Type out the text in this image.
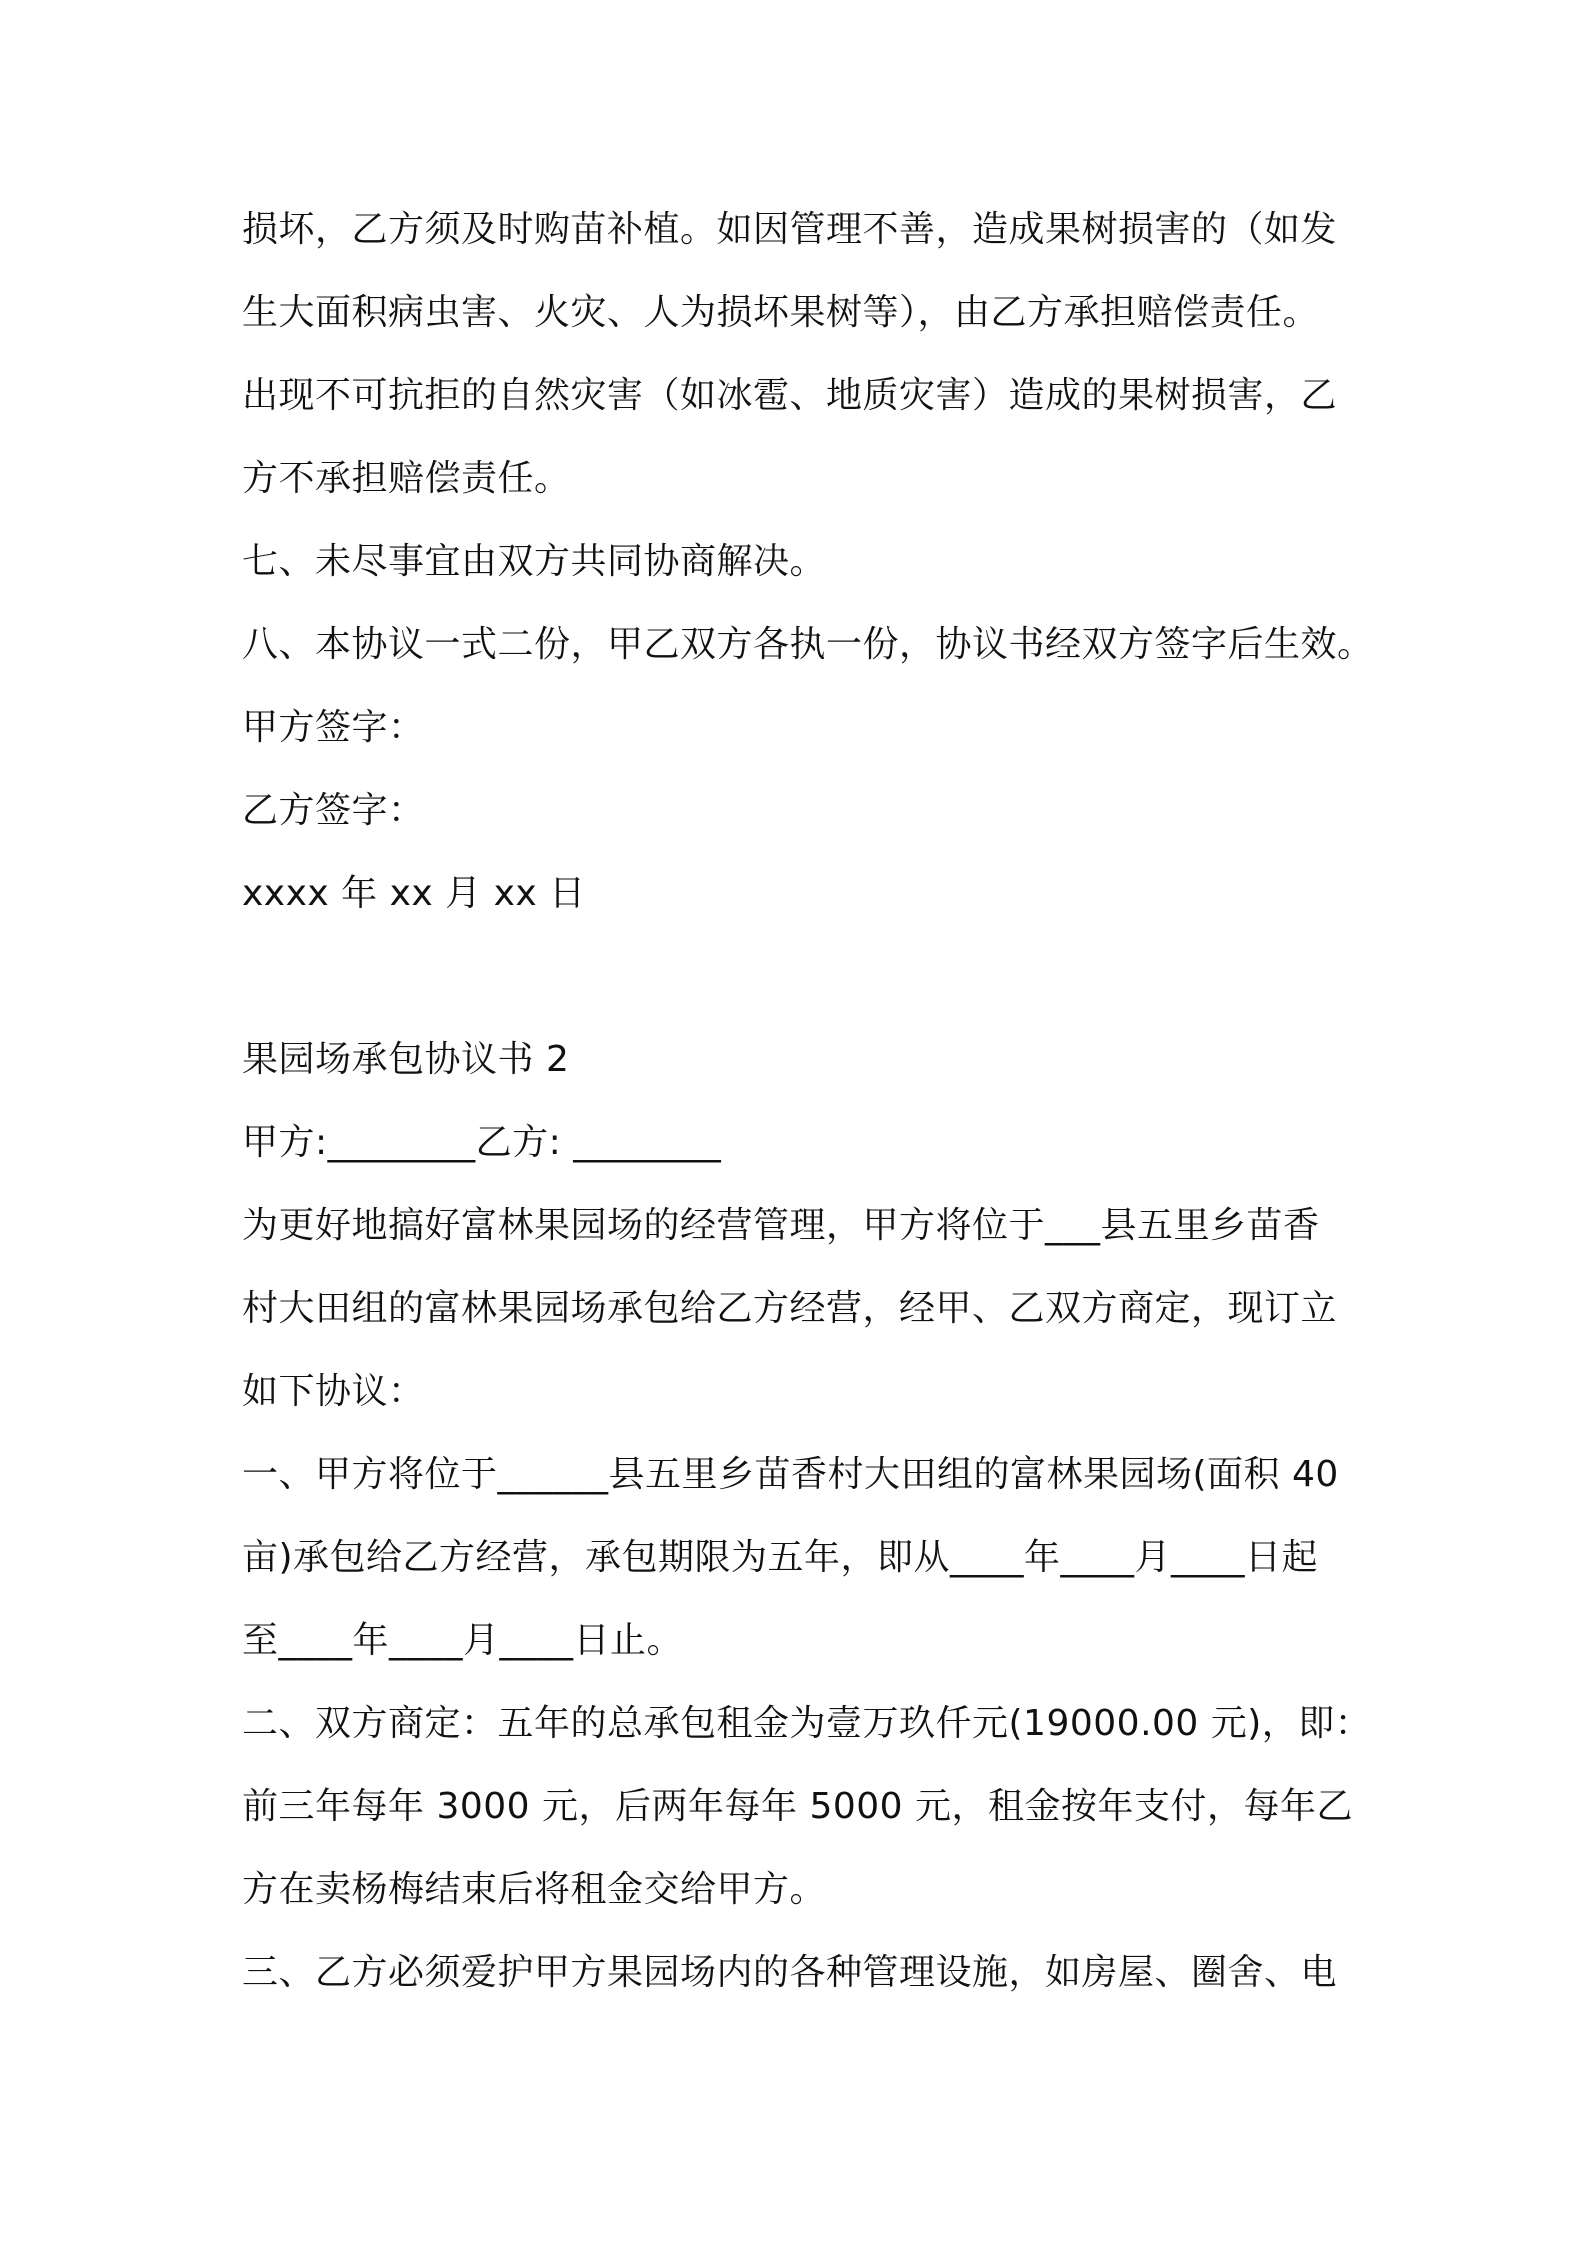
损坏，乙方须及时购苗补植。如因管理不善，造成果树损害的（如发
生大面积病虫害、火灾、人为损坏果树等），由乙方承担赔偿责任。
出现不可抗拒的自然灾害（如冰雹、地质灾害）造成的果树损害，乙
方不承担赔偿责任。
七、未尽事宜由双方共同协商解决。
八、本协议一式二份，甲乙双方各执一份，协议书经双方签字后生效。
甲方签字：
乙方签字：
xxxx 年 xx 月 xx 日
果园场承包协议书 2
甲方:________乙方: ________
为更好地搞好富林果园场的经营管理，甲方将位于___县五里乡苗香
村大田组的富林果园场承包给乙方经营，经甲、乙双方商定，现订立
如下协议：
一、甲方将位于______县五里乡苗香村大田组的富林果园场(面积 40
亩)承包给乙方经营，承包期限为五年，即从____年____月____日起
至____年____月____日止。
二、双方商定：五年的总承包租金为壹万玖仟元(19000.00 元)，即：
前三年每年 3000 元，后两年每年 5000 元，租金按年支付，每年乙
方在卖杨梅结束后将租金交给甲方。
三、乙方必须爱护甲方果园场内的各种管理设施，如房屋、圈舍、电
